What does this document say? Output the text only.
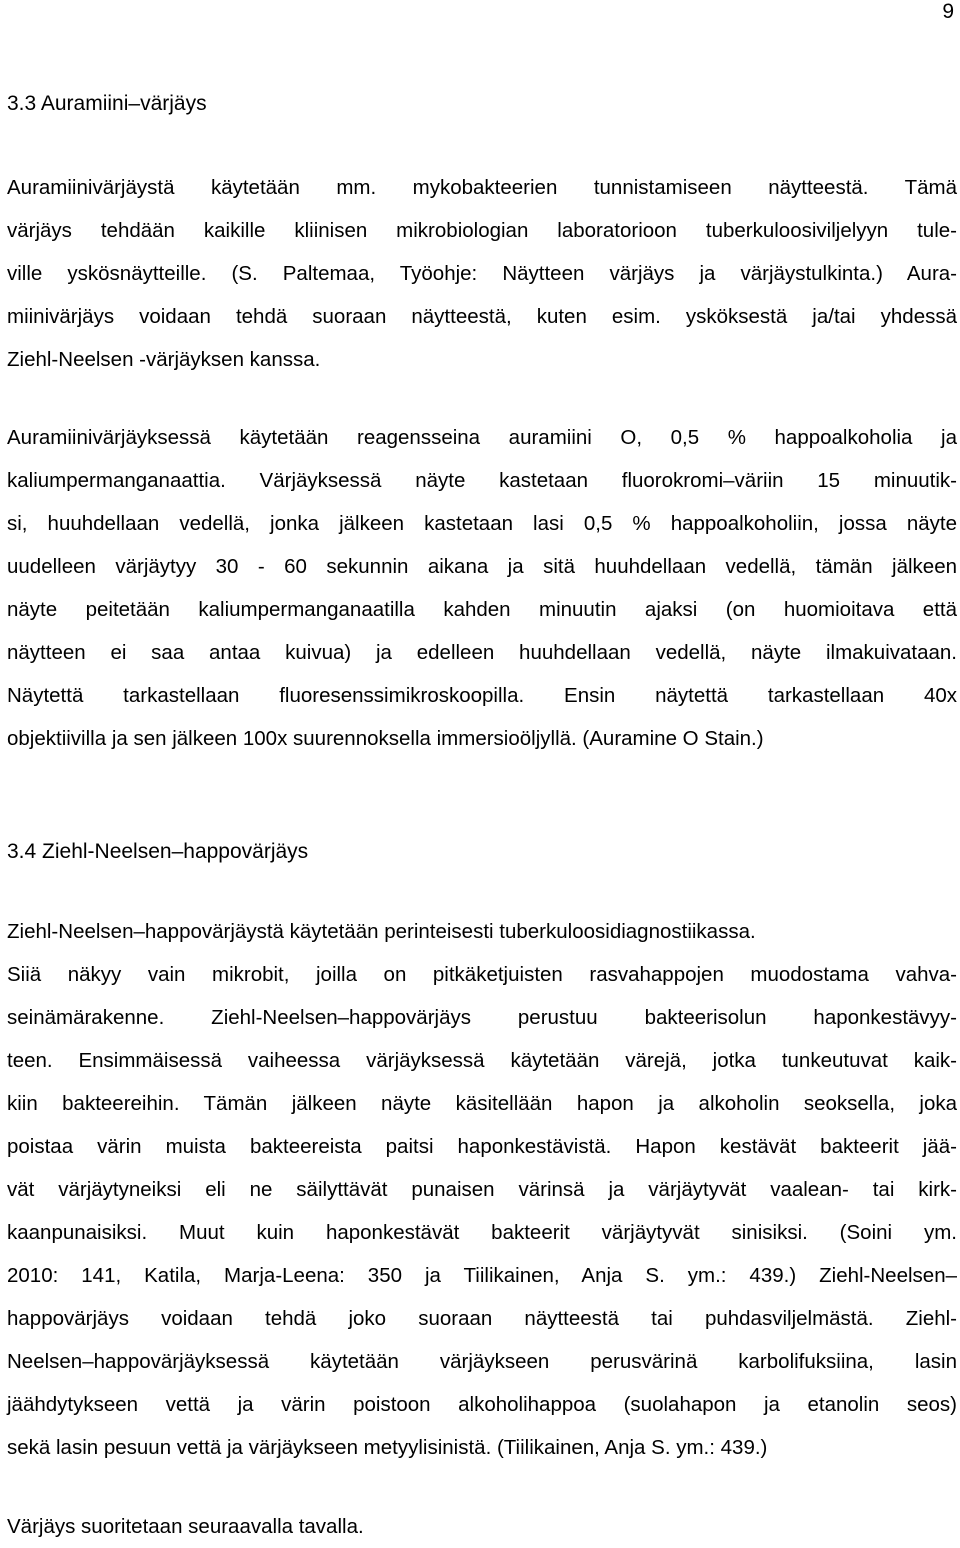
9
3.3 Auramiini–värjäys
Auramiinivärjäystä käytetään mm. mykobakteerien tunnistamiseen näytteestä. Tämä
värjäys tehdään kaikille kliinisen mikrobiologian laboratorioon tuberkuloosiviljelyyn tule-
ville yskösnäytteille. (S. Paltemaa, Työohje: Näytteen värjäys ja värjäystulkinta.) Aura-
miinivärjäys voidaan tehdä suoraan näytteestä, kuten esim. ysköksestä ja/tai yhdessä
Ziehl-Neelsen -värjäyksen kanssa.
Auramiinivärjäyksessä käytetään reagensseina auramiini O, 0,5 % happoalkoholia ja
kaliumpermanganaattia. Värjäyksessä näyte kastetaan fluorokromi–väriin 15 minuutik-
si, huuhdellaan vedellä, jonka jälkeen kastetaan lasi 0,5 % happoalkoholiin, jossa näyte
uudelleen värjäytyy 30 - 60 sekunnin aikana ja sitä huuhdellaan vedellä, tämän jälkeen
näyte peitetään kaliumpermanganaatilla kahden minuutin ajaksi (on huomioitava että
näytteen ei saa antaa kuivua) ja edelleen huuhdellaan vedellä, näyte ilmakuivataan.
Näytettä tarkastellaan fluoresenssimikroskoopilla. Ensin näytettä tarkastellaan 40x
objektiivilla ja sen jälkeen 100x suurennoksella immersioöljyllä. (Auramine O Stain.)
3.4 Ziehl-Neelsen–happovärjäys
Ziehl-Neelsen–happovärjäystä käytetään perinteisesti tuberkuloosidiagnostiikassa.
Siiä näkyy vain mikrobit, joilla on pitkäketjuisten rasvahappojen muodostama vahva-
seinämärakenne. Ziehl-Neelsen–happovärjäys perustuu bakteerisolun haponkestävyy-
teen. Ensimmäisessä vaiheessa värjäyksessä käytetään värejä, jotka tunkeutuvat kaik-
kiin bakteereihin. Tämän jälkeen näyte käsitellään hapon ja alkoholin seoksella, joka
poistaa värin muista bakteereista paitsi haponkestävistä. Hapon kestävät bakteerit jää-
vät värjäytyneiksi eli ne säilyttävät punaisen värinsä ja värjäytyvät vaalean- tai kirk-
kaanpunaisiksi. Muut kuin haponkestävät bakteerit värjäytyvät sinisiksi. (Soini ym.
2010: 141, Katila, Marja-Leena: 350 ja Tiilikainen, Anja S. ym.: 439.) Ziehl-Neelsen–
happovärjäys voidaan tehdä joko suoraan näytteestä tai puhdasviljelmästä. Ziehl-
Neelsen–happovärjäyksessä käytetään värjäykseen perusvärinä karbolifuksiina, lasin
jäähdytykseen vettä ja värin poistoon alkoholihappoa (suolahapon ja etanolin seos)
sekä lasin pesuun vettä ja värjäykseen metyylisinistä. (Tiilikainen, Anja S. ym.: 439.)
Värjäys suoritetaan seuraavalla tavalla.
